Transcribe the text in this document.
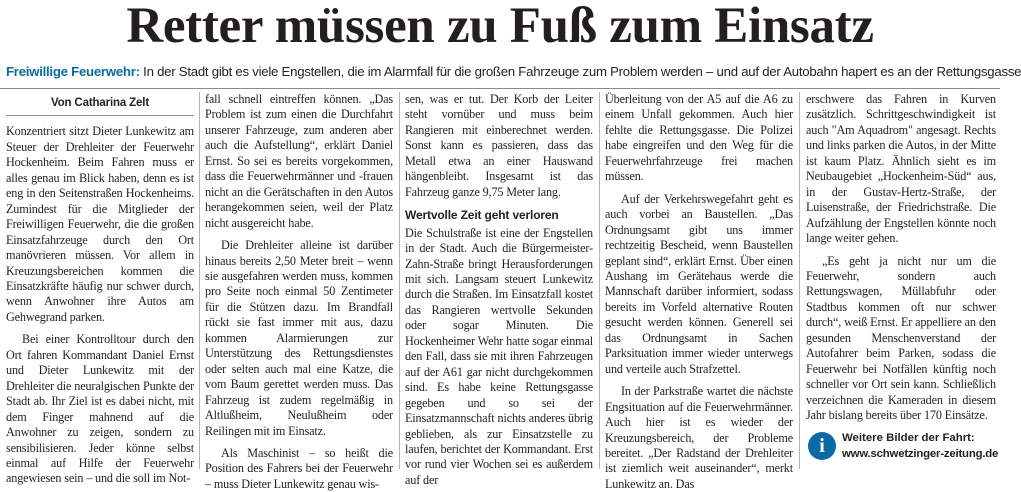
Retter müssen zu Fuß zum Einsatz
Freiwillige Feuerwehr: In der Stadt gibt es viele Engstellen, die im Alarmfall für die großen Fahrzeuge zum Problem werden – und auf der Autobahn hapert es an der Rettungsgasse
Von Catharina Zelt

Konzentriert sitzt Dieter Lunkewitz am Steuer der Drehleiter der Feuerwehr Hockenheim. Beim Fahren muss er alles genau im Blick haben, denn es ist eng in den Seitenstraßen Hockenheims. Zumindest für die Mitglieder der Freiwilligen Feuerwehr, die die großen Einsatzfahrzeuge durch den Ort manövrieren müssen. Vor allem in Kreuzungsbereichen kommen die Einsatzkräfte häufig nur schwer durch, wenn Anwohner ihre Autos am Gehwegrand parken.

Bei einer Kontrolltour durch den Ort fahren Kommandant Daniel Ernst und Dieter Lunkewitz mit der Drehleiter die neuralgischen Punkte der Stadt ab. Ihr Ziel ist es dabei nicht, mit dem Finger mahnend auf die Anwohner zu zeigen, sondern zu sensibilisieren. Jeder könne selbst einmal auf Hilfe der Feuerwehr angewiesen sein – und die soll im Not-

fall schnell eintreffen können. „Das Problem ist zum einen die Durchfahrt unserer Fahrzeuge, zum anderen aber auch die Aufstellung“, erklärt Daniel Ernst. So sei es bereits vorgekommen, dass die Feuerwehrmänner und -frauen nicht an die Gerätschaften in den Autos herangekommen seien, weil der Platz nicht ausgereicht habe.

Die Drehleiter alleine ist darüber hinaus bereits 2,50 Meter breit – wenn sie ausgefahren werden muss, kommen pro Seite noch einmal 50 Zentimeter für die Stützen dazu. Im Brandfall rückt sie fast immer mit aus, dazu kommen Alarmierungen zur Unterstützung des Rettungsdienstes oder selten auch mal eine Katze, die vom Baum gerettet werden muss. Das Fahrzeug ist zudem regelmäßig in Altlußheim, Neulußheim oder Reilingen mit im Einsatz.

Als Maschinist – so heißt die Position des Fahrers bei der Feuerwehr – muss Dieter Lunkewitz genau wis-

sen, was er tut. Der Korb der Leiter steht vornüber und muss beim Rangieren mit einberechnet werden. Sonst kann es passieren, dass das Metall etwa an einer Hauswand hängenbleibt. Insgesamt ist das Fahrzeug ganze 9,75 Meter lang.

Wertvolle Zeit geht verloren

Die Schulstraße ist eine der Engstellen in der Stadt. Auch die Bürgermeister-Zahn-Straße bringt Herausforderungen mit sich. Langsam steuert Lunkewitz durch die Straßen. Im Einsatzfall kostet das Rangieren wertvolle Sekunden oder sogar Minuten. Die Hockenheimer Wehr hatte sogar einmal den Fall, dass sie mit ihren Fahrzeugen auf der A61 gar nicht durchgekommen sind. Es habe keine Rettungsgasse gegeben und so sei der Einsatzmannschaft nichts anderes übrig geblieben, als zur Einsatzstelle zu laufen, berichtet der Kommandant. Erst vor rund vier Wochen sei es außerdem auf der

Überleitung von der A5 auf die A6 zu einem Unfall gekommen. Auch hier fehlte die Rettungsgasse. Die Polizei habe eingreifen und den Weg für die Feuerwehrfahrzeuge frei machen müssen.

Auf der Verkehrswegefahrt geht es auch vorbei an Baustellen. „Das Ordnungsamt gibt uns immer rechtzeitig Bescheid, wenn Baustellen geplant sind“, erklärt Ernst. Über einen Aushang im Gerätehaus werde die Mannschaft darüber informiert, sodass bereits im Vorfeld alternative Routen gesucht werden können. Generell sei das Ordnungsamt in Sachen Parksituation immer wieder unterwegs und verteile auch Strafzettel.

In der Parkstraße wartet die nächste Engsituation auf die Feuerwehrmänner. Auch hier ist es wieder der Kreuzungsbereich, der Probleme bereitet. „Der Radstand der Drehleiter ist ziemlich weit auseinander“, merkt Lunkewitz an. Das

erschwere das Fahren in Kurven zusätzlich. Schrittgeschwindigkeit ist auch "Am Aquadrom" angesagt. Rechts und links parken die Autos, in der Mitte ist kaum Platz. Ähnlich sieht es im Neubaugebiet „Hockenheim-Süd“ aus, in der Gustav-Hertz-Straße, der Luisenstraße, der Friedrichstraße. Die Aufzählung der Engstellen könnte noch lange weiter gehen.

„Es geht ja nicht nur um die Feuerwehr, sondern auch Rettungswagen, Müllabfuhr oder Stadtbus kommen oft nur schwer durch“, weiß Ernst. Er appelliere an den gesunden Menschenverstand der Autofahrer beim Parken, sodass die Feuerwehr bei Notfällen künftig noch schneller vor Ort sein kann. Schließlich verzeichnen die Kameraden in diesem Jahr bislang bereits über 170 Einsätze.

i	Weitere Bilder der Fahrt:
www.schwetzinger-zeitung.de
